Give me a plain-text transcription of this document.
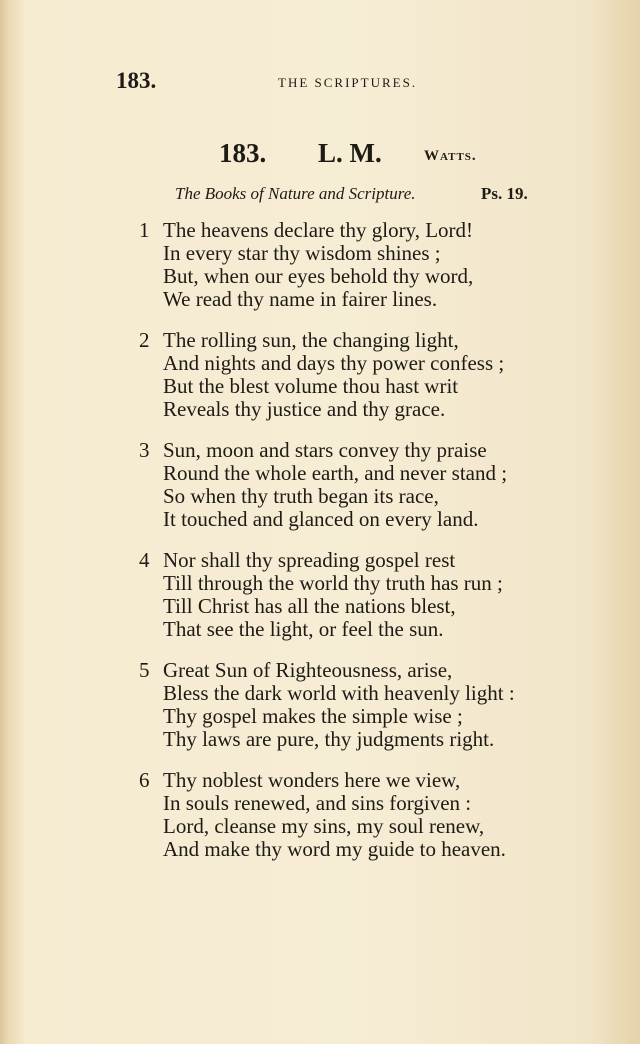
183.	THE SCRIPTURES.
183. L. M.	Watts.
The Books of Nature and Scripture.	Ps. 19.
1 The heavens declare thy glory, Lord!
In every star thy wisdom shines ;
But, when our eyes behold thy word,
We read thy name in fairer lines.
2 The rolling sun, the changing light,
And nights and days thy power confess ;
But the blest volume thou hast writ
Reveals thy justice and thy grace.
3 Sun, moon and stars convey thy praise
Round the whole earth, and never stand ;
So when thy truth began its race,
It touched and glanced on every land.
4 Nor shall thy spreading gospel rest
Till through the world thy truth has run ;
Till Christ has all the nations blest,
That see the light, or feel the sun.
5 Great Sun of Righteousness, arise,
Bless the dark world with heavenly light :
Thy gospel makes the simple wise ;
Thy laws are pure, thy judgments right.
6 Thy noblest wonders here we view,
In souls renewed, and sins forgiven :
Lord, cleanse my sins, my soul renew,
And make thy word my guide to heaven.
